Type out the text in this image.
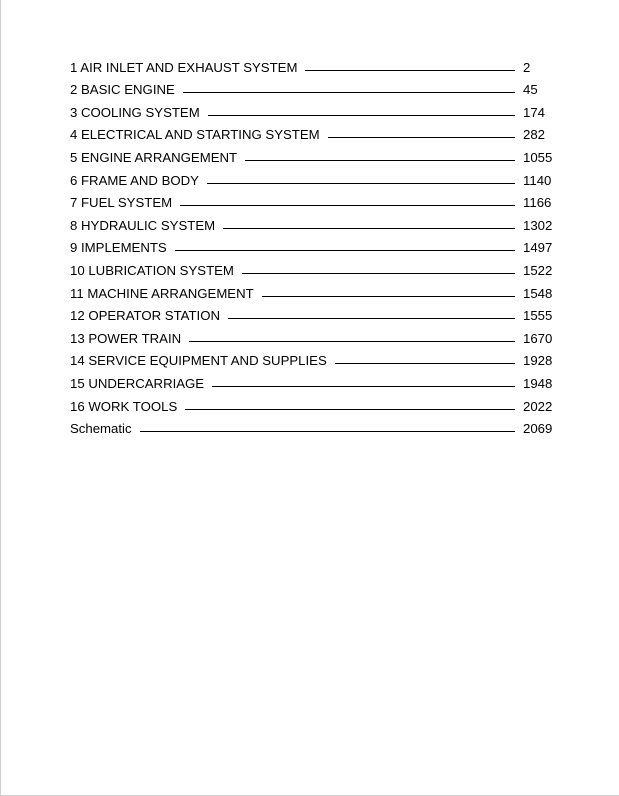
1 AIR INLET AND EXHAUST SYSTEM	2
2 BASIC ENGINE	45
3 COOLING SYSTEM	174
4 ELECTRICAL AND STARTING SYSTEM	282
5 ENGINE ARRANGEMENT	1055
6 FRAME AND BODY	1140
7 FUEL SYSTEM	1166
8 HYDRAULIC SYSTEM	1302
9 IMPLEMENTS	1497
10 LUBRICATION SYSTEM	1522
11 MACHINE ARRANGEMENT	1548
12 OPERATOR STATION	1555
13 POWER TRAIN	1670
14 SERVICE EQUIPMENT AND SUPPLIES	1928
15 UNDERCARRIAGE	1948
16 WORK TOOLS	2022
Schematic	2069
